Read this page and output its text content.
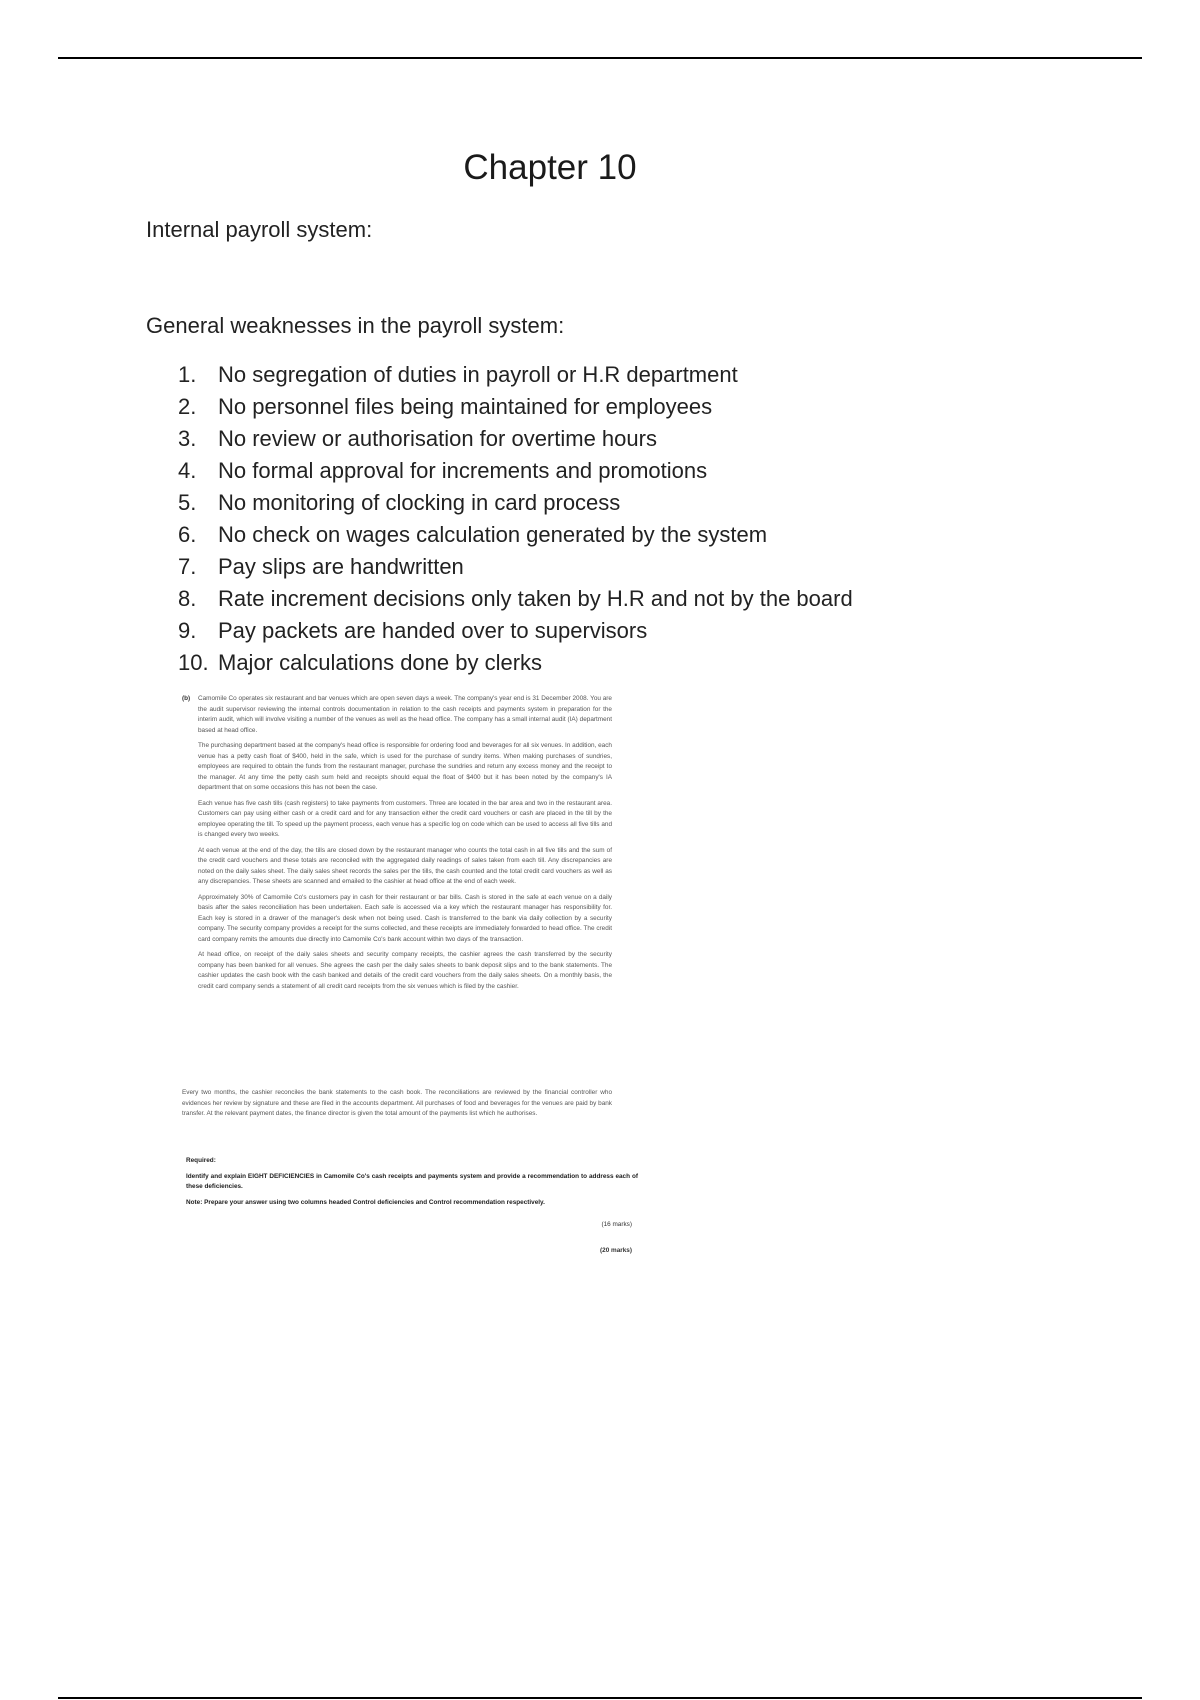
Chapter 10
Internal payroll system:
General weaknesses in the payroll system:
1. No segregation of duties in payroll or H.R department
2. No personnel files being maintained for employees
3. No review or authorisation for overtime hours
4. No formal approval for increments and promotions
5. No monitoring of clocking in card process
6. No check on wages calculation generated by the system
7. Pay slips are handwritten
8. Rate increment decisions only taken by H.R and not by the board
9. Pay packets are handed over to supervisors
10. Major calculations done by clerks
(b) Camomile Co operates six restaurant and bar venues which are open seven days a week. The company's year end is 31 December 2008. You are the audit supervisor reviewing the internal controls documentation in relation to the cash receipts and payments system in preparation for the interim audit, which will involve visiting a number of the venues as well as the head office. The company has a small internal audit (IA) department based at head office.

The purchasing department based at the company's head office is responsible for ordering food and beverages for all six venues. In addition, each venue has a petty cash float of $400, held in the safe, which is used for the purchase of sundry items. When making purchases of sundries, employees are required to obtain the funds from the restaurant manager, purchase the sundries and return any excess money and the receipt to the manager. At any time the petty cash sum held and receipts should equal the float of $400 but it has been noted by the company's IA department that on some occasions this has not been the case.

Each venue has five cash tills (cash registers) to take payments from customers. Three are located in the bar area and two in the restaurant area. Customers can pay using either cash or a credit card and for any transaction either the credit card vouchers or cash are placed in the till by the employee operating the till. To speed up the payment process, each venue has a specific log on code which can be used to access all five tills and is changed every two weeks.

At each venue at the end of the day, the tills are closed down by the restaurant manager who counts the total cash in all five tills and the sum of the credit card vouchers and these totals are reconciled with the aggregated daily readings of sales taken from each till. Any discrepancies are noted on the daily sales sheet. The daily sales sheet records the sales per the tills, the cash counted and the total credit card vouchers as well as any discrepancies. These sheets are scanned and emailed to the cashier at head office at the end of each week.

Approximately 30% of Camomile Co's customers pay in cash for their restaurant or bar bills. Cash is stored in the safe at each venue on a daily basis after the sales reconciliation has been undertaken. Each safe is accessed via a key which the restaurant manager has responsibility for. Each key is stored in a drawer of the manager's desk when not being used. Cash is transferred to the bank via daily collection by a security company. The security company provides a receipt for the sums collected, and these receipts are immediately forwarded to head office. The credit card company remits the amounts due directly into Camomile Co's bank account within two days of the transaction.

At head office, on receipt of the daily sales sheets and security company receipts, the cashier agrees the cash transferred by the security company has been banked for all venues. She agrees the cash per the daily sales sheets to bank deposit slips and to the bank statements. The cashier updates the cash book with the cash banked and details of the credit card vouchers from the daily sales sheets. On a monthly basis, the credit card company sends a statement of all credit card receipts from the six venues which is filed by the cashier.

Every two months, the cashier reconciles the bank statements to the cash book. The reconciliations are reviewed by the financial controller who evidences her review by signature and these are filed in the accounts department. All purchases of food and beverages for the venues are paid by bank transfer. At the relevant payment dates, the finance director is given the total amount of the payments list which he authorises.

Required:

Identify and explain EIGHT DEFICIENCIES in Camomile Co's cash receipts and payments system and provide a recommendation to address each of these deficiencies.

Note: Prepare your answer using two columns headed Control deficiencies and Control recommendation respectively.

(16 marks)
(20 marks)
